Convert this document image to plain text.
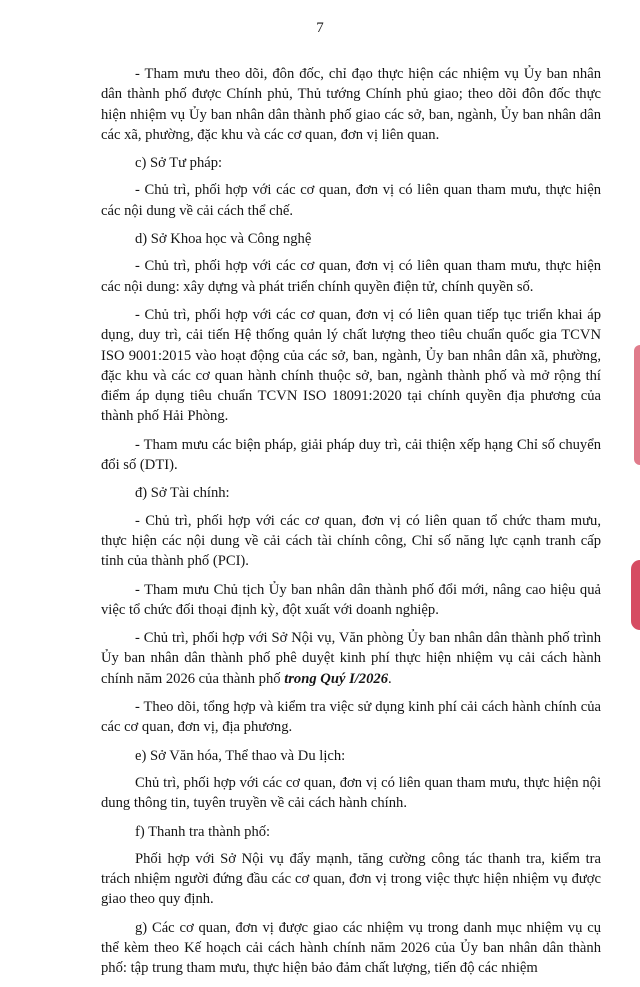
7

- Tham mưu theo dõi, đôn đốc, chỉ đạo thực hiện các nhiệm vụ Ủy ban nhân dân thành phố được Chính phủ, Thủ tướng Chính phủ giao; theo dõi đôn đốc thực hiện nhiệm vụ Ủy ban nhân dân thành phố giao các sở, ban, ngành, Ủy ban nhân dân các xã, phường, đặc khu và các cơ quan, đơn vị liên quan.

c) Sở Tư pháp:

- Chủ trì, phối hợp với các cơ quan, đơn vị có liên quan tham mưu, thực hiện các nội dung về cải cách thể chế.

d) Sở Khoa học và Công nghệ

- Chủ trì, phối hợp với các cơ quan, đơn vị có liên quan tham mưu, thực hiện các nội dung: xây dựng và phát triển chính quyền điện tử, chính quyền số.

- Chủ trì, phối hợp với các cơ quan, đơn vị có liên quan tiếp tục triển khai áp dụng, duy trì, cải tiến Hệ thống quản lý chất lượng theo tiêu chuẩn quốc gia TCVN ISO 9001:2015 vào hoạt động của các sở, ban, ngành, Ủy ban nhân dân xã, phường, đặc khu và các cơ quan hành chính thuộc sở, ban, ngành thành phố và mở rộng thí điểm áp dụng tiêu chuẩn TCVN ISO 18091:2020 tại chính quyền địa phương của thành phố Hải Phòng.

- Tham mưu các biện pháp, giải pháp duy trì, cải thiện xếp hạng Chỉ số chuyển đổi số (DTI).

đ) Sở Tài chính:

- Chủ trì, phối hợp với các cơ quan, đơn vị có liên quan tổ chức tham mưu, thực hiện các nội dung về cải cách tài chính công, Chỉ số năng lực cạnh tranh cấp tỉnh của thành phố (PCI).

- Tham mưu Chủ tịch Ủy ban nhân dân thành phố đổi mới, nâng cao hiệu quả việc tổ chức đối thoại định kỳ, đột xuất với doanh nghiệp.

- Chủ trì, phối hợp với Sở Nội vụ, Văn phòng Ủy ban nhân dân thành phố trình Ủy ban nhân dân thành phố phê duyệt kinh phí thực hiện nhiệm vụ cải cách hành chính năm 2026 của thành phố trong Quý I/2026.

- Theo dõi, tổng hợp và kiểm tra việc sử dụng kinh phí cải cách hành chính của các cơ quan, đơn vị, địa phương.

e) Sở Văn hóa, Thể thao và Du lịch:

Chủ trì, phối hợp với các cơ quan, đơn vị có liên quan tham mưu, thực hiện nội dung thông tin, tuyên truyền về cải cách hành chính.

f) Thanh tra thành phố:

Phối hợp với Sở Nội vụ đẩy mạnh, tăng cường công tác thanh tra, kiểm tra trách nhiệm người đứng đầu các cơ quan, đơn vị trong việc thực hiện nhiệm vụ được giao theo quy định.

g) Các cơ quan, đơn vị được giao các nhiệm vụ trong danh mục nhiệm vụ cụ thể kèm theo Kế hoạch cải cách hành chính năm 2026 của Ủy ban nhân dân thành phố: tập trung tham mưu, thực hiện bảo đảm chất lượng, tiến độ các nhiệm
